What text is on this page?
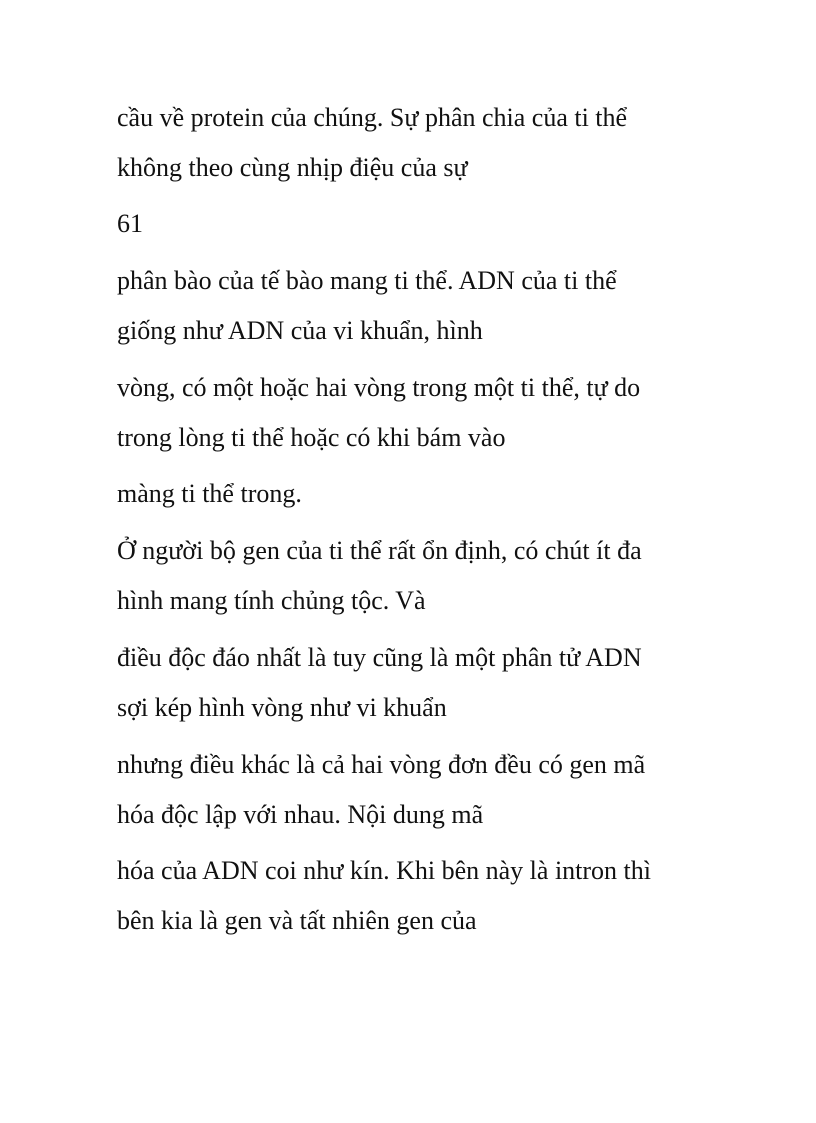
cầu về protein của chúng. Sự phân chia của ti thể

không theo cùng nhịp điệu của sự

61

phân bào của tế bào mang ti thể. ADN của ti thể

giống như ADN của vi khuẩn, hình

vòng, có một hoặc hai vòng trong một ti thể, tự do

trong lòng ti thể hoặc có khi bám vào

màng ti thể trong.

Ở người bộ gen của ti thể rất ổn định, có chút ít đa

hình mang tính chủng tộc. Và

điều độc đáo nhất là tuy cũng là một phân tử ADN

sợi kép hình vòng như vi khuẩn

nhưng điều khác là cả hai vòng đơn đều có gen mã

hóa độc lập với nhau. Nội dung mã

hóa của ADN coi như kín. Khi bên này là intron thì

bên kia là gen và tất nhiên gen của
